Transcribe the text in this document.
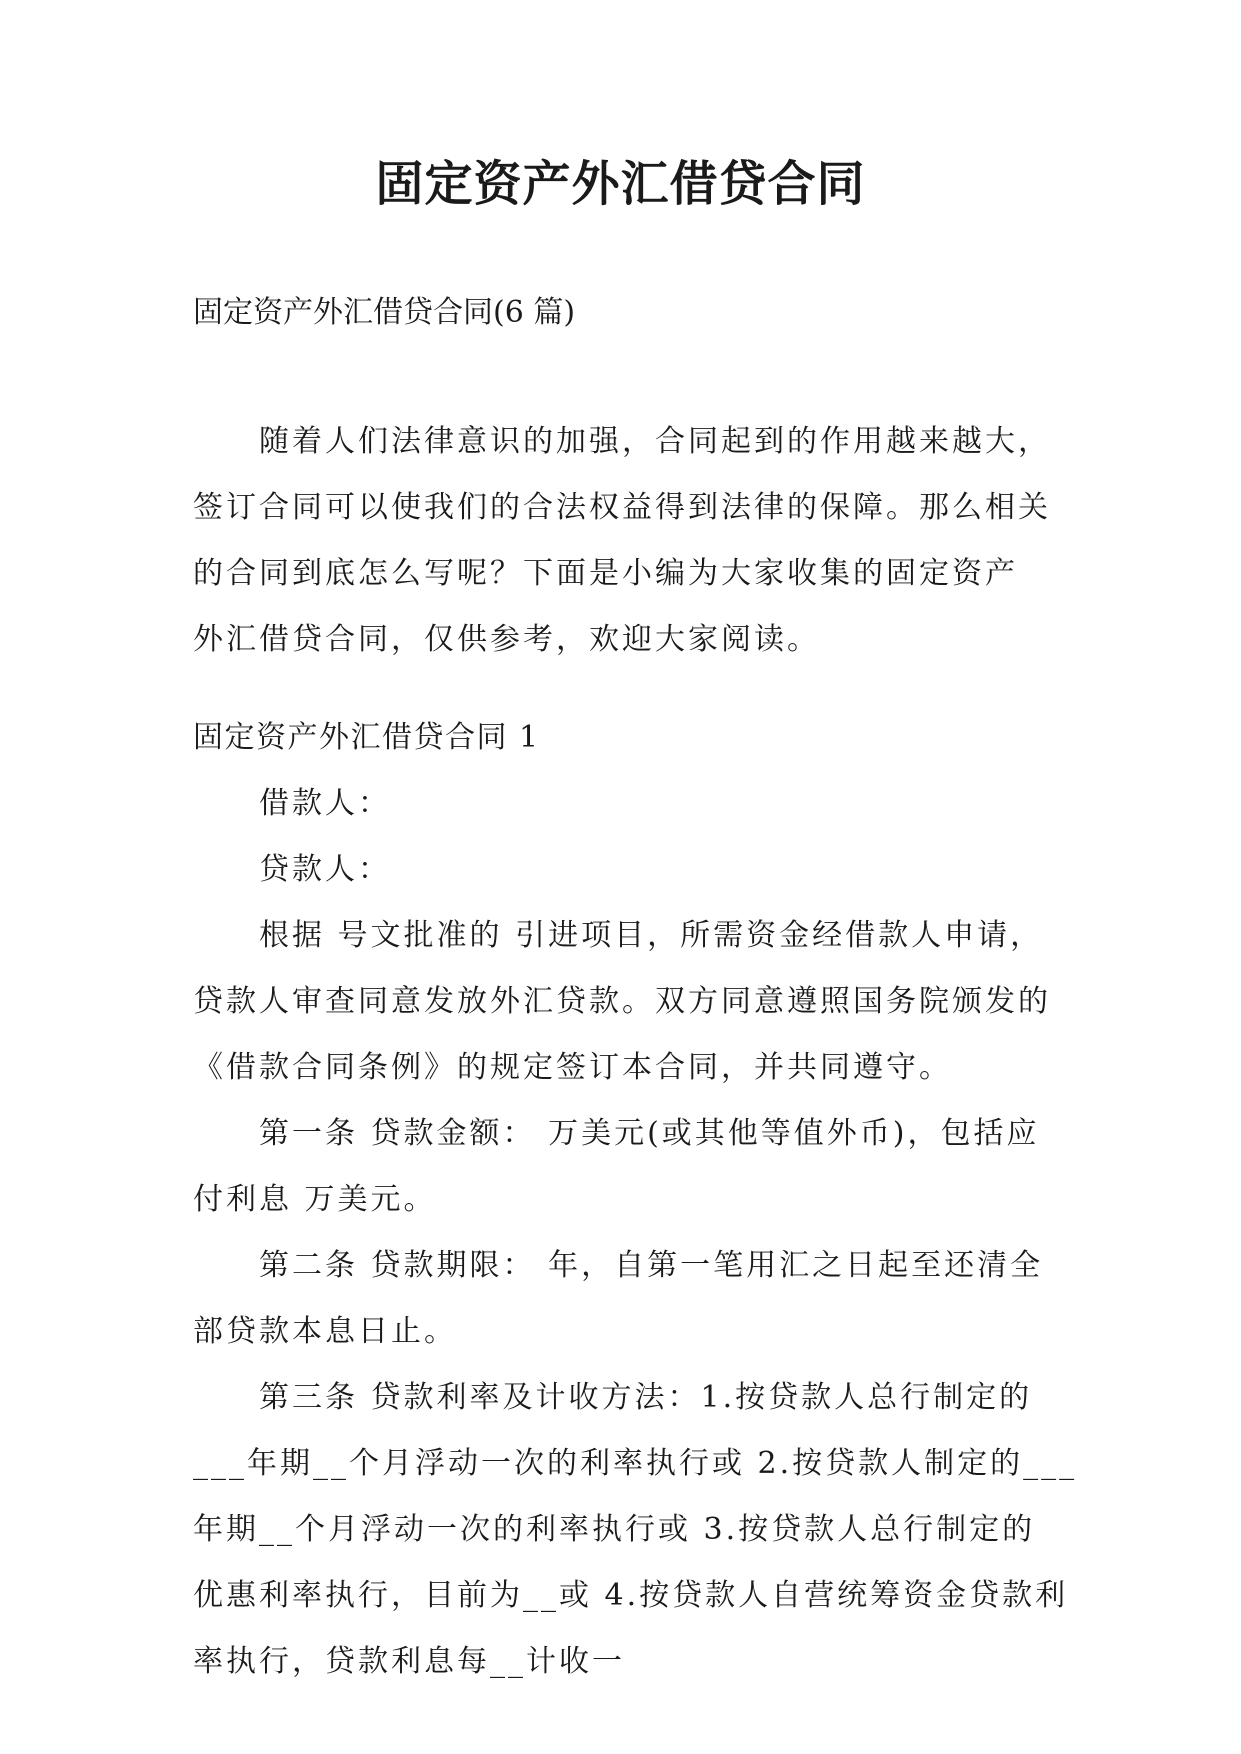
固定资产外汇借贷合同
固定资产外汇借贷合同(6 篇)
随着人们法律意识的加强，合同起到的作用越来越大，
签订合同可以使我们的合法权益得到法律的保障。那么相关
的合同到底怎么写呢？下面是小编为大家收集的固定资产
外汇借贷合同，仅供参考，欢迎大家阅读。
固定资产外汇借贷合同 1
借款人：
贷款人：
根据 号文批准的 引进项目，所需资金经借款人申请，
贷款人审查同意发放外汇贷款。双方同意遵照国务院颁发的
《借款合同条例》的规定签订本合同，并共同遵守。
第一条 贷款金额： 万美元(或其他等值外币)，包括应
付利息 万美元。
第二条 贷款期限： 年，自第一笔用汇之日起至还清全
部贷款本息日止。
第三条 贷款利率及计收方法：1.按贷款人总行制定的
___年期__个月浮动一次的利率执行或 2.按贷款人制定的___
年期__个月浮动一次的利率执行或 3.按贷款人总行制定的
优惠利率执行，目前为__或 4.按贷款人自营统筹资金贷款利
率执行，贷款利息每__计收一
